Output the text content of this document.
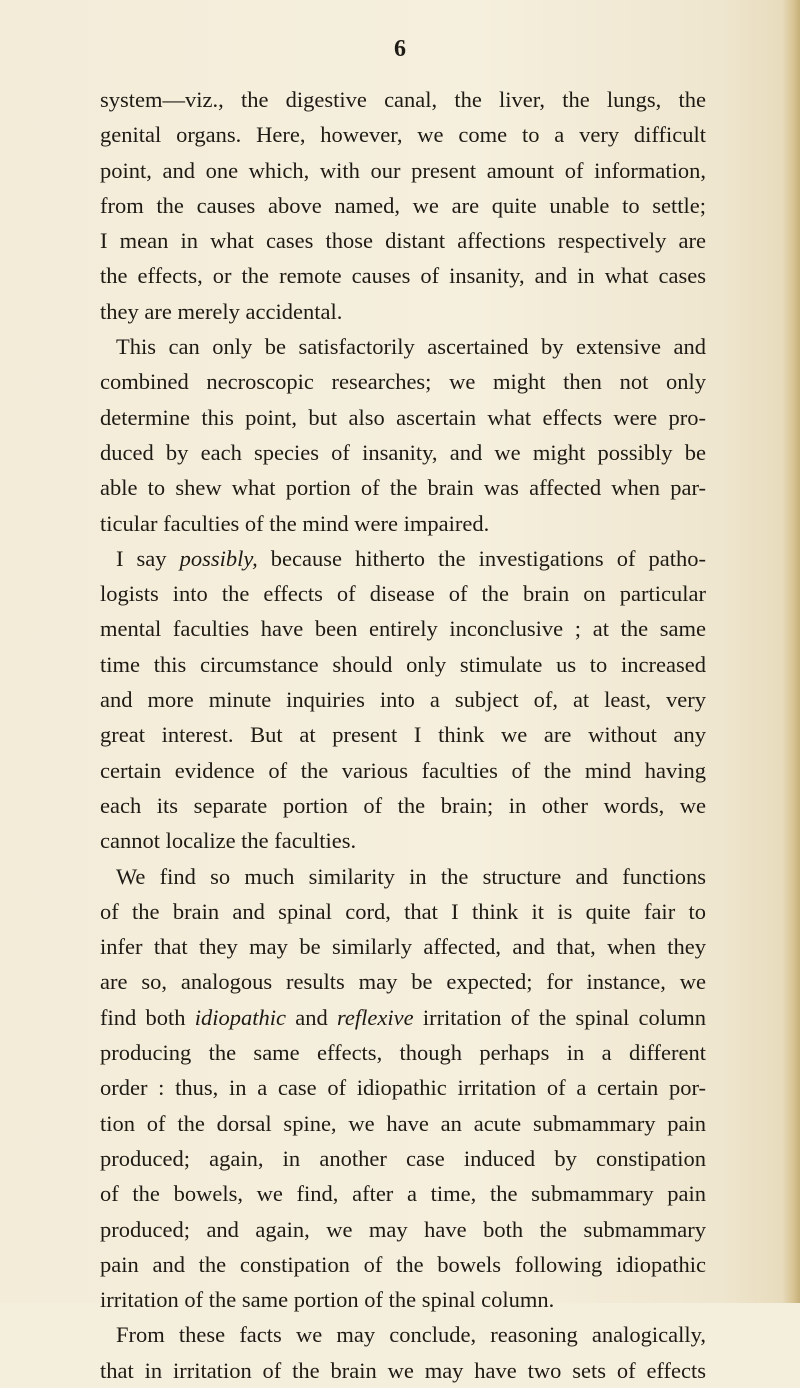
6

system—viz., the digestive canal, the liver, the lungs, the
genital organs. Here, however, we come to a very difficult
point, and one which, with our present amount of information,
from the causes above named, we are quite unable to settle;
I mean in what cases those distant affections respectively are
the effects, or the remote causes of insanity, and in what cases
they are merely accidental.
This can only be satisfactorily ascertained by extensive and
combined necroscopic researches; we might then not only
determine this point, but also ascertain what effects were pro-
duced by each species of insanity, and we might possibly be
able to shew what portion of the brain was affected when par-
ticular faculties of the mind were impaired.
I say possibly, because hitherto the investigations of patho-
logists into the effects of disease of the brain on particular
mental faculties have been entirely inconclusive ; at the same
time this circumstance should only stimulate us to increased
and more minute inquiries into a subject of, at least, very
great interest. But at present I think we are without any
certain evidence of the various faculties of the mind having
each its separate portion of the brain; in other words, we
cannot localize the faculties.
We find so much similarity in the structure and functions
of the brain and spinal cord, that I think it is quite fair to
infer that they may be similarly affected, and that, when they
are so, analogous results may be expected; for instance, we
find both idiopathic and reflexive irritation of the spinal column
producing the same effects, though perhaps in a different
order : thus, in a case of idiopathic irritation of a certain por-
tion of the dorsal spine, we have an acute submammary pain
produced; again, in another case induced by constipation
of the bowels, we find, after a time, the submammary pain
produced; and again, we may have both the submammary
pain and the constipation of the bowels following idiopathic
irritation of the same portion of the spinal column.
From these facts we may conclude, reasoning analogically,
that in irritation of the brain we may have two sets of effects
